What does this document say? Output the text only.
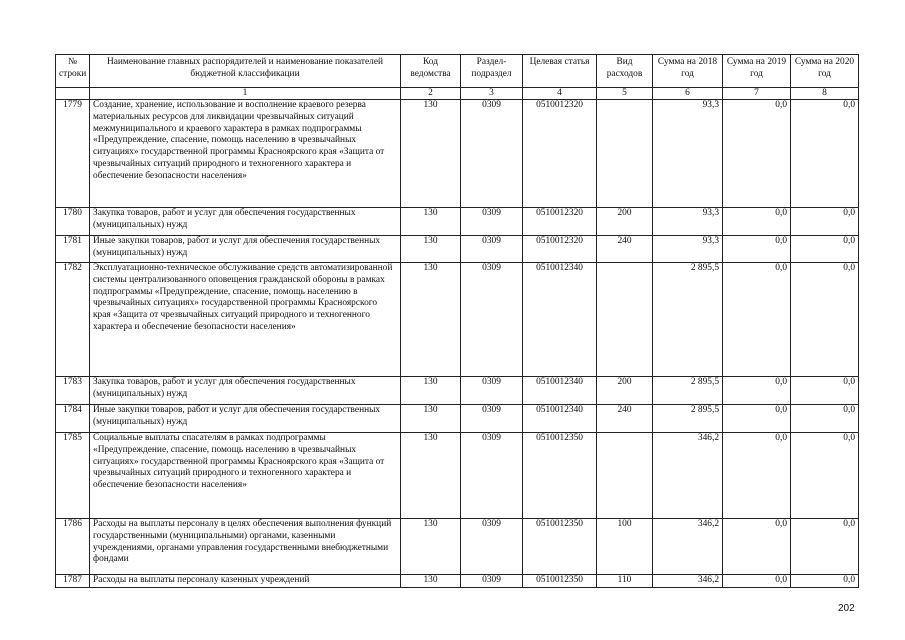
№ строки	Наименование главных распорядителей и наименование показателей бюджетной классификации	Код ведомства	Раздел-подраздел	Целевая статья	Вид расходов	Сумма на 2018 год	Сумма на 2019 год	Сумма на 2020 год
	1	2	3	4	5	6	7	8
1779	Создание, хранение, использование и восполнение краевого резерва материальных ресурсов для ликвидации чрезвычайных ситуаций межмуниципального и краевого характера в рамках подпрограммы «Предупреждение, спасение, помощь населению в чрезвычайных ситуациях» государственной программы Красноярского края «Защита от чрезвычайных ситуаций природного и техногенного характера и обеспечение безопасности населения»	130	0309	0510012320		93,3	0,0	0,0
1780	Закупка товаров, работ и услуг для обеспечения государственных (муниципальных) нужд	130	0309	0510012320	200	93,3	0,0	0,0
1781	Иные закупки товаров, работ и услуг для обеспечения государственных (муниципальных) нужд	130	0309	0510012320	240	93,3	0,0	0,0
1782	Эксплуатационно-техническое обслуживание средств автоматизированной системы централизованного оповещения гражданской обороны в рамках подпрограммы «Предупреждение, спасение, помощь населению в чрезвычайных ситуациях» государственной программы Красноярского края «Защита от чрезвычайных ситуаций природного и техногенного характера и обеспечение безопасности населения»	130	0309	0510012340		2 895,5	0,0	0,0
1783	Закупка товаров, работ и услуг для обеспечения государственных (муниципальных) нужд	130	0309	0510012340	200	2 895,5	0,0	0,0
1784	Иные закупки товаров, работ и услуг для обеспечения государственных (муниципальных) нужд	130	0309	0510012340	240	2 895,5	0,0	0,0
1785	Социальные выплаты спасателям в рамках подпрограммы «Предупреждение, спасение, помощь населению в чрезвычайных ситуациях» государственной программы Красноярского края «Защита от чрезвычайных ситуаций природного и техногенного характера и обеспечение безопасности населения»	130	0309	0510012350		346,2	0,0	0,0
1786	Расходы на выплаты персоналу в целях обеспечения выполнения функций государственными (муниципальными) органами, казенными учреждениями, органами управления государственными внебюджетными фондами	130	0309	0510012350	100	346,2	0,0	0,0
1787	Расходы на выплаты персоналу казенных учреждений	130	0309	0510012350	110	346,2	0,0	0,0
202
